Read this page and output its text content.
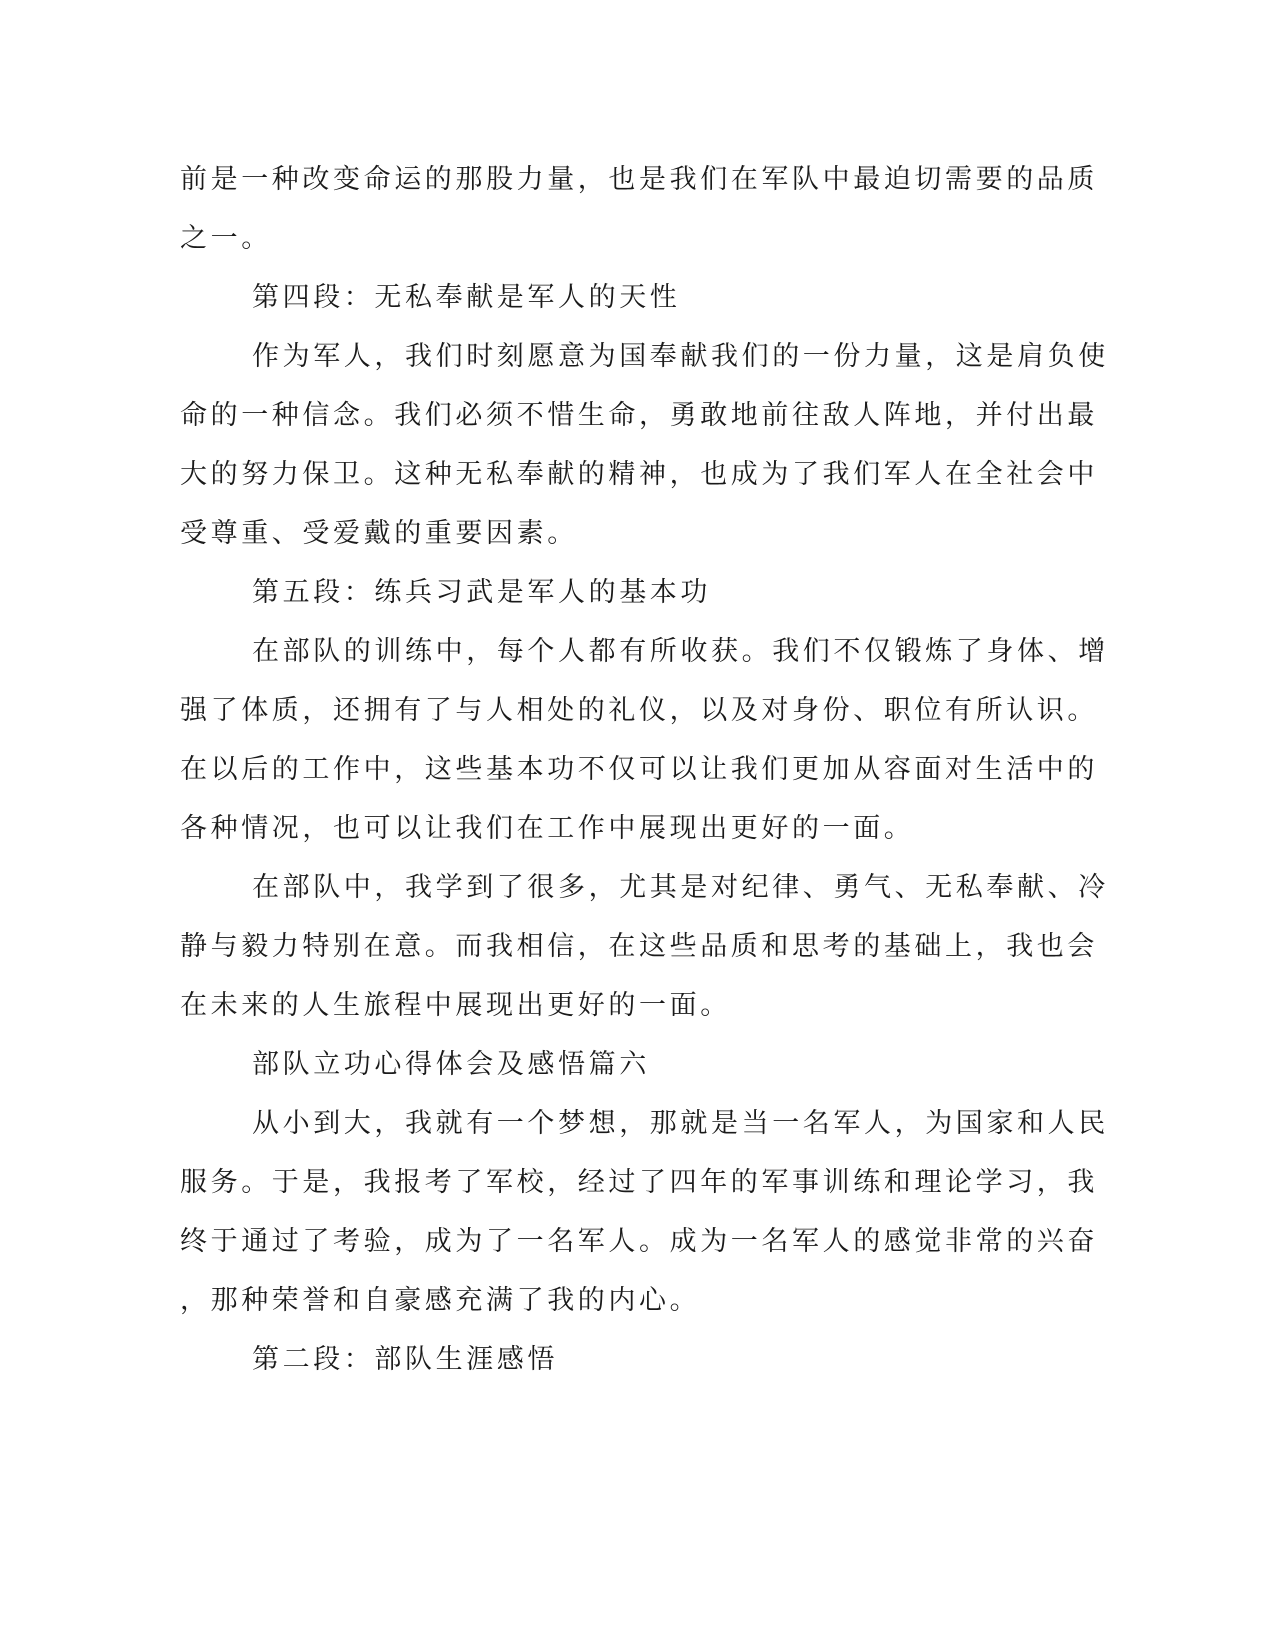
前是一种改变命运的那股力量，也是我们在军队中最迫切需要的品质
之一。
第四段：无私奉献是军人的天性
作为军人，我们时刻愿意为国奉献我们的一份力量，这是肩负使
命的一种信念。我们必须不惜生命，勇敢地前往敌人阵地，并付出最
大的努力保卫。这种无私奉献的精神，也成为了我们军人在全社会中
受尊重、受爱戴的重要因素。
第五段：练兵习武是军人的基本功
在部队的训练中，每个人都有所收获。我们不仅锻炼了身体、增
强了体质，还拥有了与人相处的礼仪，以及对身份、职位有所认识。
在以后的工作中，这些基本功不仅可以让我们更加从容面对生活中的
各种情况，也可以让我们在工作中展现出更好的一面。
在部队中，我学到了很多，尤其是对纪律、勇气、无私奉献、冷
静与毅力特别在意。而我相信，在这些品质和思考的基础上，我也会
在未来的人生旅程中展现出更好的一面。
部队立功心得体会及感悟篇六
从小到大，我就有一个梦想，那就是当一名军人，为国家和人民
服务。于是，我报考了军校，经过了四年的军事训练和理论学习，我
终于通过了考验，成为了一名军人。成为一名军人的感觉非常的兴奋
，那种荣誉和自豪感充满了我的内心。
第二段：部队生涯感悟
